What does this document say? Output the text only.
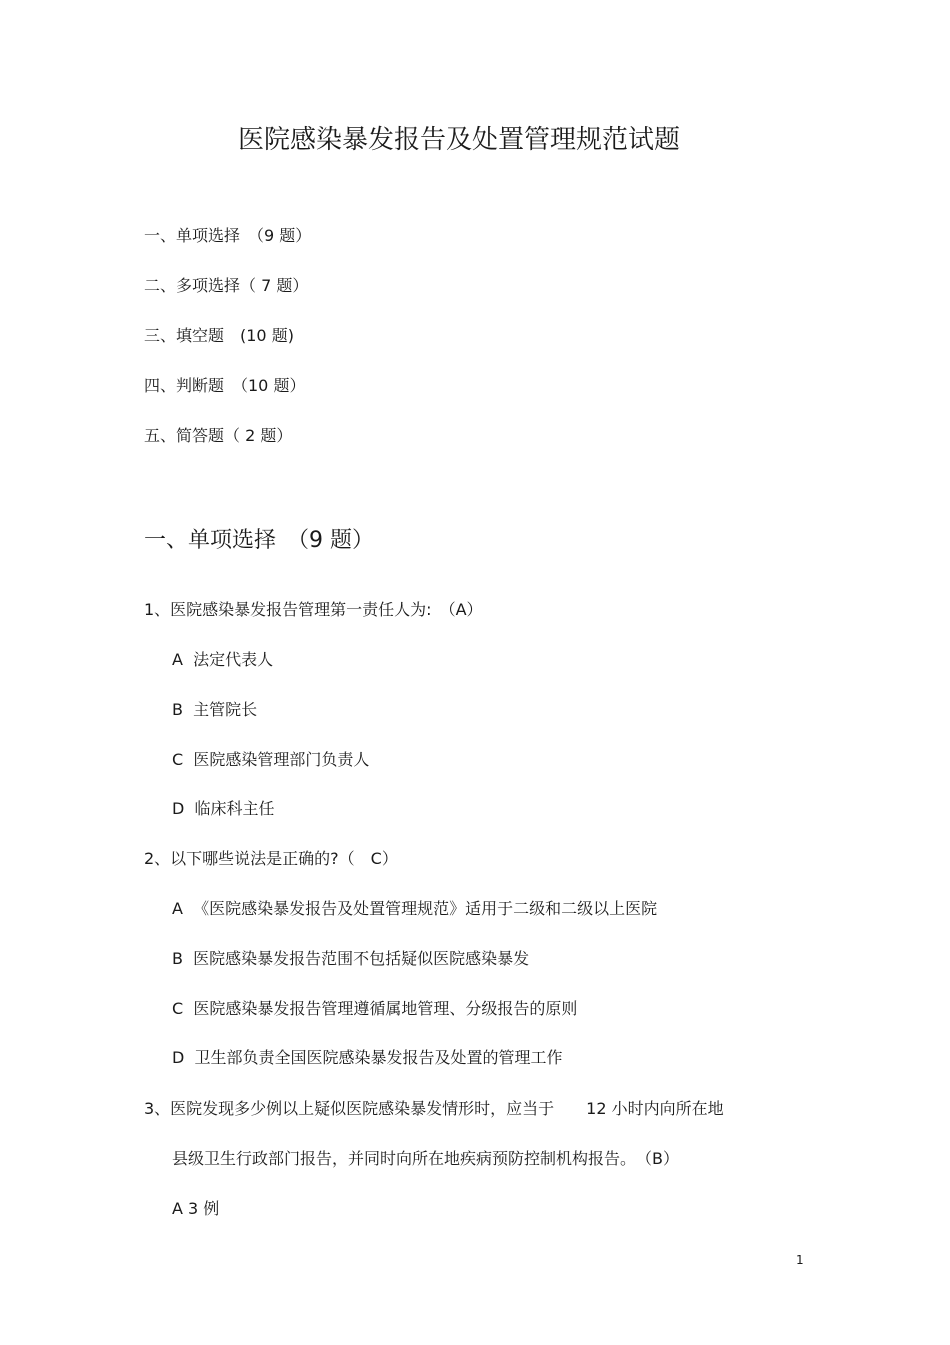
医院感染暴发报告及处置管理规范试题
一、单项选择　（9 题）
二、多项选择（ 7 题）
三、填空题　(10 题)
四、判断题　（10 题）
五、简答题（ 2 题）
一、单项选择　（9 题）

1、医院感染暴发报告管理第一责任人为:　（A）

A  法定代表人

B  主管院长

C  医院感染管理部门负责人

D  临床科主任

2、以下哪些说法是正确的?（　C）

A  《医院感染暴发报告及处置管理规范》适用于二级和二级以上医院

B  医院感染暴发报告范围不包括疑似医院感染暴发

C  医院感染暴发报告管理遵循属地管理、分级报告的原则

D  卫生部负责全国医院感染暴发报告及处置的管理工作

3、医院发现多少例以上疑似医院感染暴发情形时，应当于　　12 小时内向所在地

县级卫生行政部门报告，并同时向所在地疾病预防控制机构报告。　（B）

A 3 例

1
